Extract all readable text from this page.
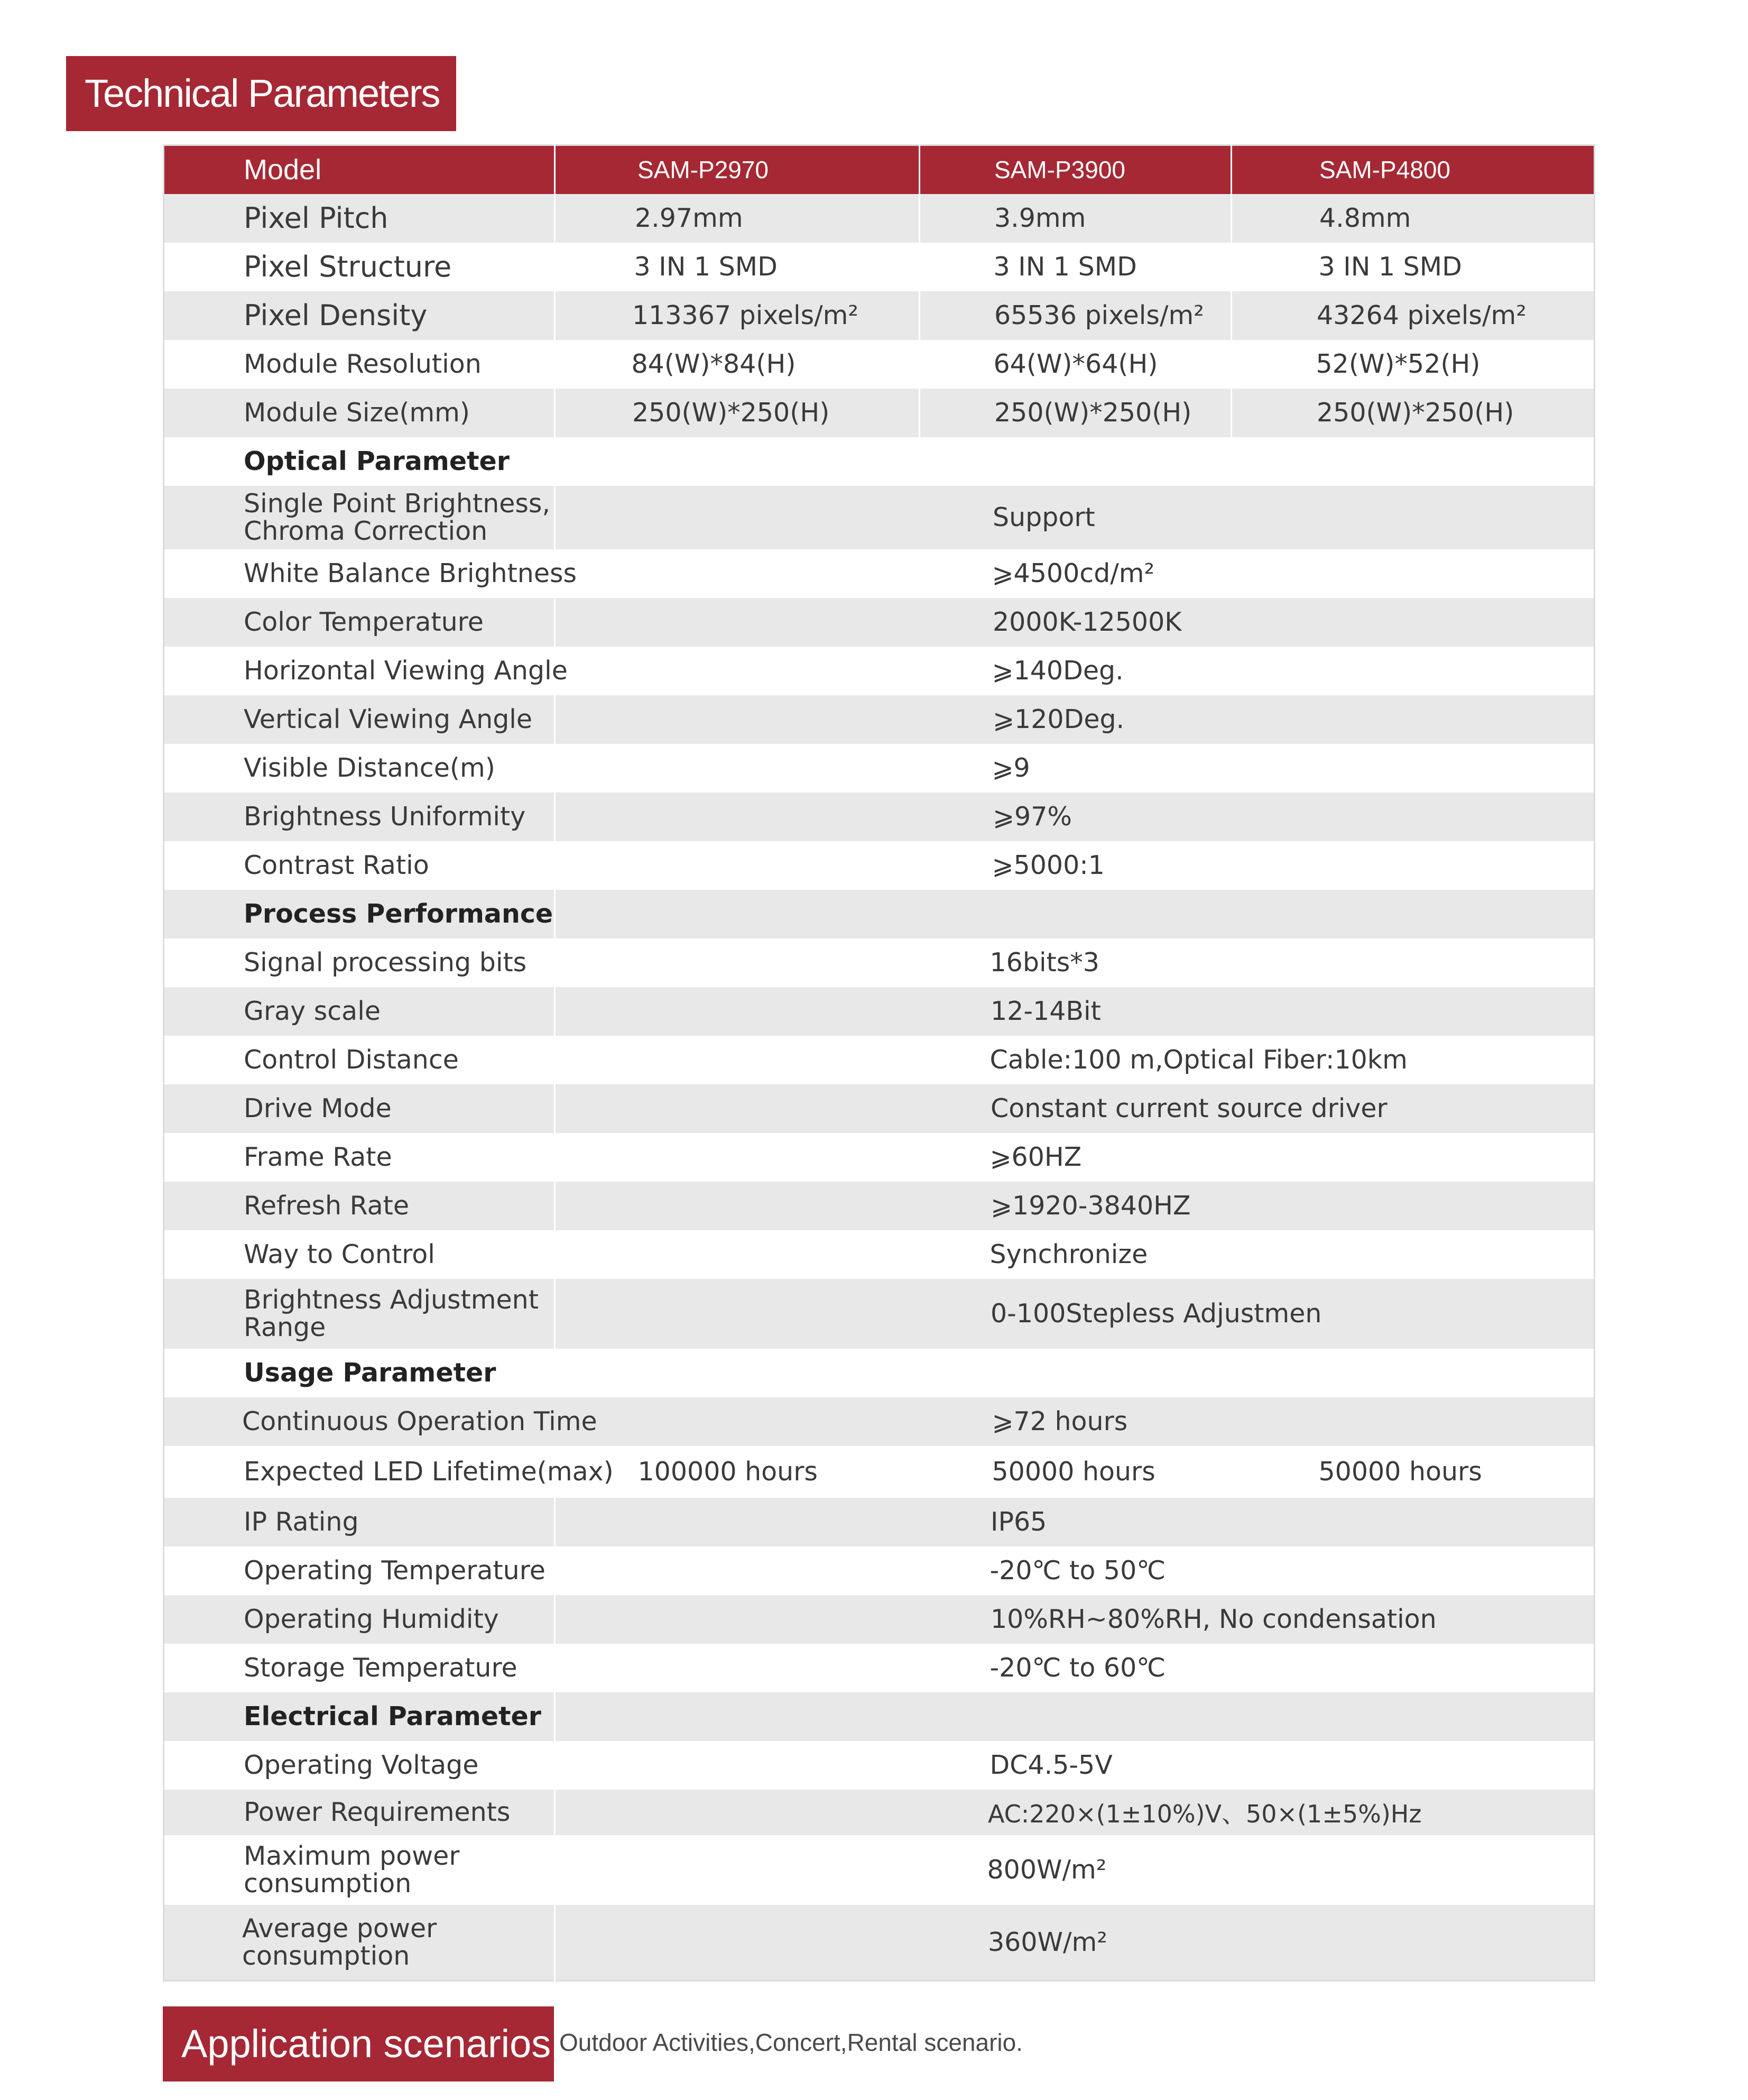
Technical Parameters
Model	SAM-P2970	SAM-P3900	SAM-P4800
Pixel Pitch	2.97mm	3.9mm	4.8mm
Pixel Structure	3 IN 1 SMD	3 IN 1 SMD	3 IN 1 SMD
Pixel Density	113367 pixels/m²	65536 pixels/m²	43264 pixels/m²
Module Resolution	84(W)*84(H)	64(W)*64(H)	52(W)*52(H)
Module Size(mm)	250(W)*250(H)	250(W)*250(H)	250(W)*250(H)
Optical Parameter			
Single Point Brightness, Chroma Correction	Support		
White Balance Brightness	⩾4500cd/m²		
Color Temperature	2000K-12500K		
Horizontal Viewing Angle	⩾140Deg.		
Vertical Viewing Angle	⩾120Deg.		
Visible Distance(m)	⩾9		
Brightness Uniformity	⩾97%		
Contrast Ratio	⩾5000:1		
Process Performance			
Signal processing bits	16bits*3		
Gray scale	12-14Bit		
Control Distance	Cable:100 m,Optical Fiber:10km		
Drive Mode	Constant current source driver		
Frame Rate	⩾60HZ		
Refresh Rate	⩾1920-3840HZ		
Way to Control	Synchronize		
Brightness Adjustment Range	0-100Stepless Adjustmen		
Usage Parameter			
Continuous Operation Time	⩾72 hours		
Expected LED Lifetime(max)	100000 hours	50000 hours	50000 hours
IP Rating	IP65		
Operating Temperature	-20℃ to 50℃		
Operating Humidity	10%RH~80%RH, No condensation		
Storage Temperature	-20℃ to 60℃		
Electrical Parameter			
Operating Voltage	DC4.5-5V		
Power Requirements	AC:220×(1±10%)V、50×(1±5%)Hz		
Maximum power consumption	800W/m²		
Average power consumption	360W/m²		
Application scenarios Outdoor Activities,Concert,Rental scenario.
